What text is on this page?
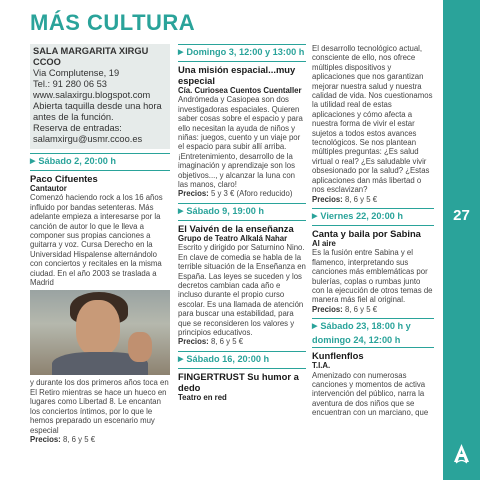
MÁS CULTURA
SALA MARGARITA XIRGU CCOO
Via Complutense, 19
Tel.: 91 280 06 53
www.salaxirgu.blogspot.com
Abierta taquilla desde una hora antes de la función.
Reserva de entradas: salamxirgu@usmr.ccoo.es
▶ Sábado 2, 20:00 h
Paco Cifuentes
Cantautor
Comenzó haciendo rock a los 16 años influido por bandas setenteras. Más adelante empieza a interesarse por la canción de autor lo que le lleva a componer sus propias canciones a guitarra y voz. Cursa Derecho en la Universidad Hispalense alternándolo con conciertos y recitales en la misma ciudad. En el año 2003 se traslada a Madrid
y durante los dos primeros años toca en El Retiro mientras se hace un hueco en lugares como Libertad 8. Le encantan los conciertos íntimos, por lo que le hemos preparado un escenario muy especial
Precios: 8, 6 y 5 €
▶ Domingo 3, 12:00 y 13:00 h
Una misión espacial...muy especial
Cía. Curiosea Cuentos Cuentaller
Andrómeda y Casiopea son dos investigadoras espaciales. Quieren saber cosas sobre el espacio y para ello necesitan la ayuda de niños y niñas: juegos, cuento y un viaje por el espacio para subir allí arriba. ¡Entretenimiento, desarrollo de la imaginación y aprendizaje son los objetivos..., y alcanzar la luna con las manos, claro!
Precios: 5 y 3 € (Aforo reducido)
▶ Sábado 9, 19:00 h
El Vaivén de la enseñanza
Grupo de Teatro Alkalá Nahar
Escrito y dirigido por Saturnino Nino.
En clave de comedia se habla de la terrible situación de la Enseñanza en España. Las leyes se suceden y los decretos cambian cada año e incluso durante el propio curso escolar. Es una llamada de atención para buscar una estabilidad, para que se reconsideren los valores y principios educativos.
Precios: 8, 6 y 5 €
▶ Sábado 16, 20:00 h
FINGERTRUST Su humor a dedo
Teatro en red
El desarrollo tecnológico actual, consciente de ello, nos ofrece múltiples dispositivos y aplicaciones que nos garantizan mejorar nuestra salud y nuestra calidad de vida. Nos cuestionamos la utilidad real de estas aplicaciones y cómo afecta a nuestra forma de vivir el estar sujetos a todos estos avances tecnológicos. Se nos plantean múltiples preguntas: ¿Es salud virtual o real? ¿Es saludable vivir obsesionado por la salud? ¿Estas aplicaciones dan más libertad o nos esclavizan?
Precios: 8, 6 y 5 €
▶ Viernes 22, 20:00 h
Canta y baila por Sabina
Al aire
Es la fusión entre Sabina y el flamenco, interpretando sus canciones más emblemáticas por bulerías, coplas o rumbas junto con la ejecución de otros temas de manera más fiel al original.
Precios: 8, 6 y 5 €
▶ Sábado 23, 18:00 h y domingo 24, 12:00 h
Kunflenflos
T.I.A.
Amenizado con numerosas canciones y momentos de activa intervención del público, narra la aventura de dos niños que se encuentran con un marciano, que
27
